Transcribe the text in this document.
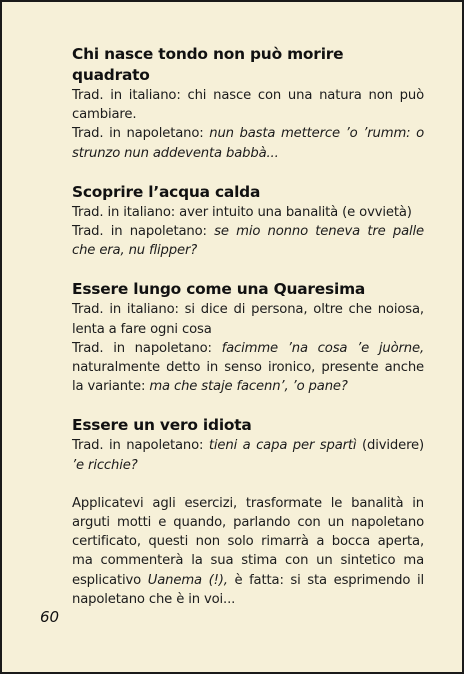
Chi nasce tondo non può morire quadrato
Trad. in italiano: chi nasce con una natura non può cambiare.
Trad. in napoletano: nun basta metterce ’o ’rumm: o strunzo nun addeventa babbà...
Scoprire l’acqua calda
Trad. in italiano: aver intuito una banalità (e ovvietà)
Trad. in napoletano: se mio nonno teneva tre palle che era, nu flipper?
Essere lungo come una Quaresima
Trad. in italiano: si dice di persona, oltre che noiosa, lenta a fare ogni cosa
Trad. in napoletano: facimme ’na cosa ’e juòrne, naturalmente detto in senso ironico, presente anche la variante: ma che staje facenn’, ’o pane?
Essere un vero idiota
Trad. in napoletano: tieni a capa per spartì (dividere) ’e ricchie?
Applicatevi agli esercizi, trasformate le banalità in arguti motti e quando, parlando con un napoletano certificato, questi non solo rimarrà a bocca aperta, ma commenterà la sua stima con un sintetico ma esplicativo Uanema (!), è fatta: si sta esprimendo il napoletano che è in voi...
60
